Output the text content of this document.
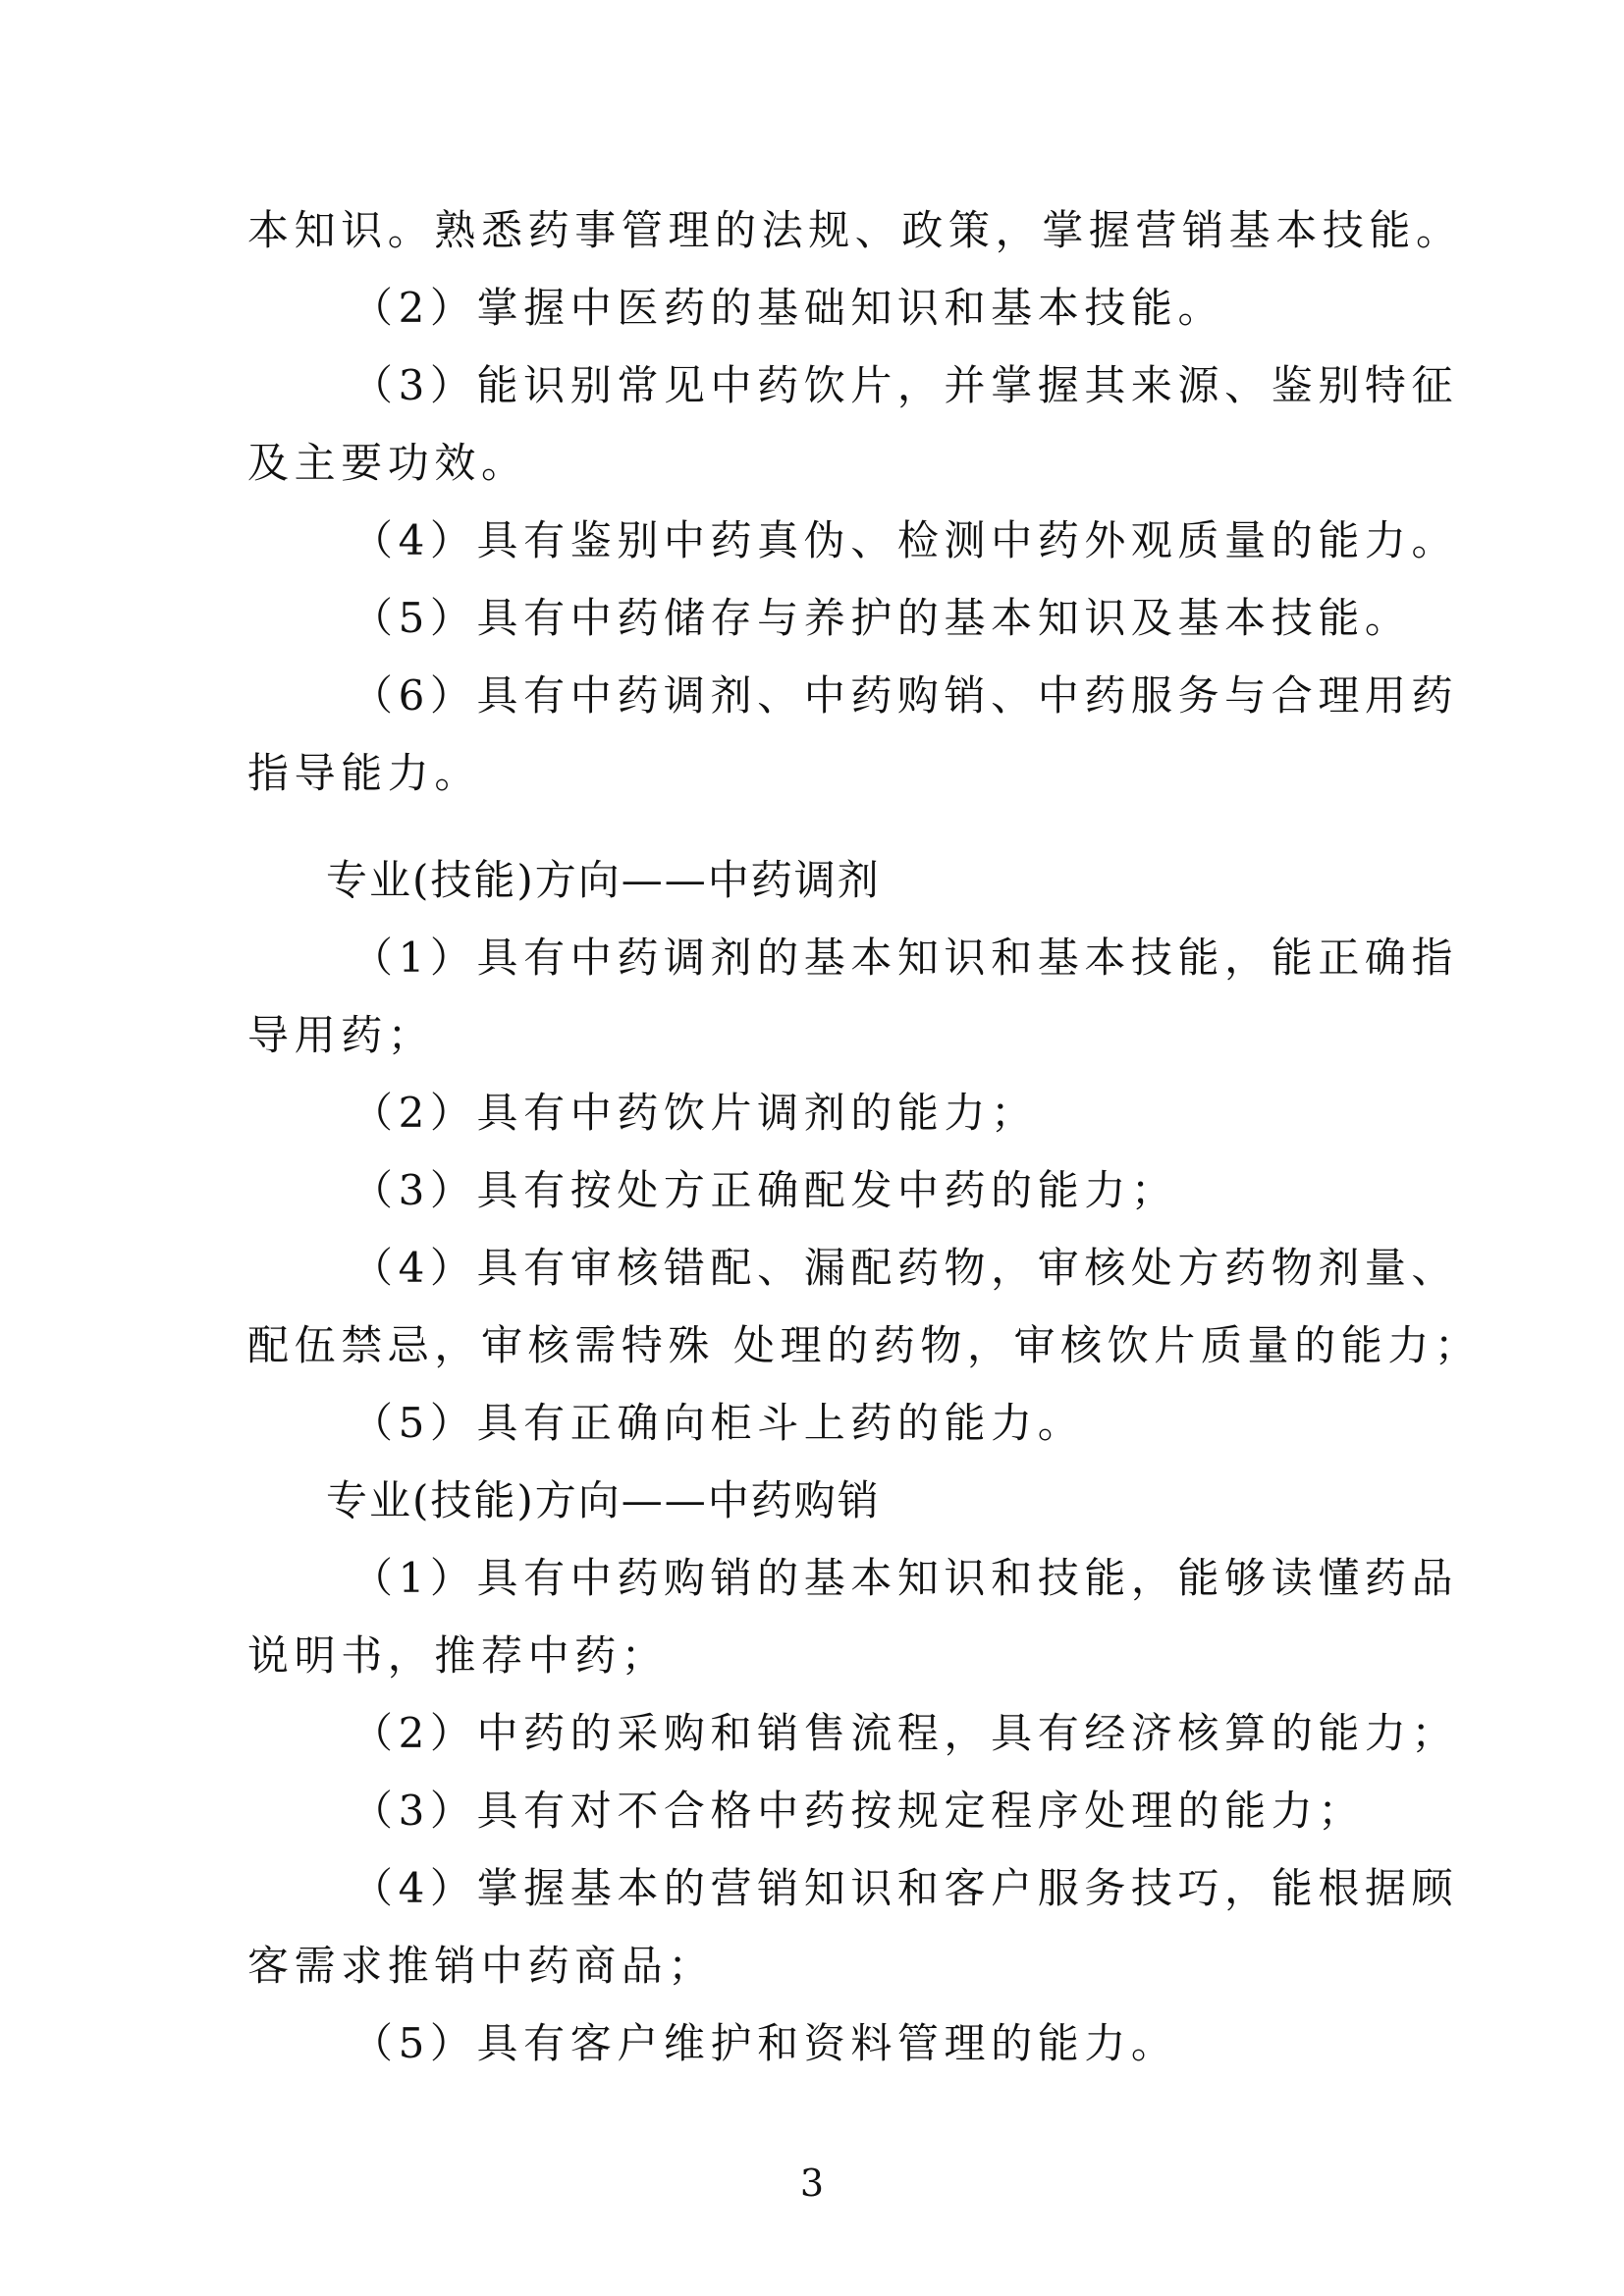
本知识。熟悉药事管理的法规、政策，掌握营销基本技能。
（2）掌握中医药的基础知识和基本技能。
（3）能识别常见中药饮片，并掌握其来源、鉴别特征
及主要功效。
（4）具有鉴别中药真伪、检测中药外观质量的能力。
（5）具有中药储存与养护的基本知识及基本技能。
（6）具有中药调剂、中药购销、中药服务与合理用药
指导能力。
专业(技能)方向——中药调剂
（1）具有中药调剂的基本知识和基本技能，能正确指
导用药；
（2）具有中药饮片调剂的能力；
（3）具有按处方正确配发中药的能力；
（4）具有审核错配、漏配药物，审核处方药物剂量、
配伍禁忌，审核需特殊 处理的药物，审核饮片质量的能力；
（5）具有正确向柜斗上药的能力。
专业(技能)方向——中药购销
（1）具有中药购销的基本知识和技能，能够读懂药品
说明书，推荐中药；
（2）中药的采购和销售流程，具有经济核算的能力；
（3）具有对不合格中药按规定程序处理的能力；
（4）掌握基本的营销知识和客户服务技巧，能根据顾
客需求推销中药商品；
（5）具有客户维护和资料管理的能力。
3
